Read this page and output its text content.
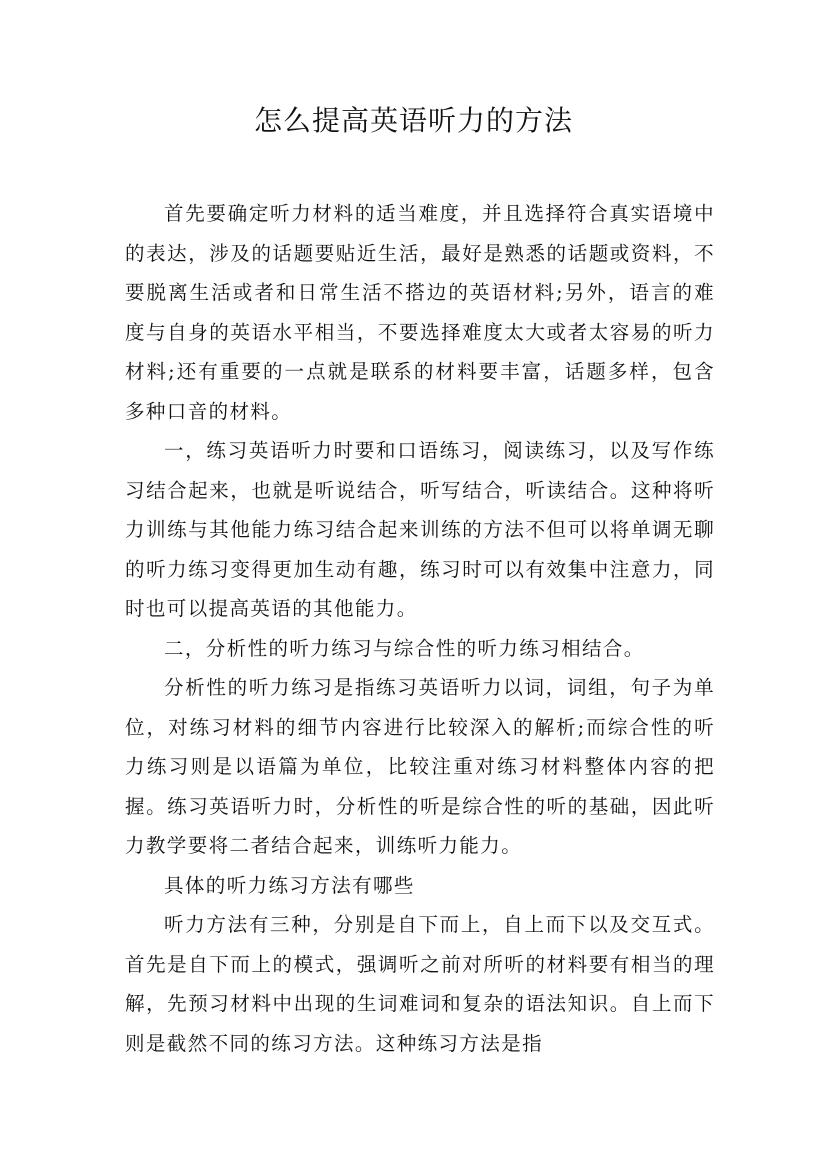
怎么提高英语听力的方法

首先要确定听力材料的适当难度，并且选择符合真实语境中的表达，涉及的话题要贴近生活，最好是熟悉的话题或资料，不要脱离生活或者和日常生活不搭边的英语材料;另外，语言的难度与自身的英语水平相当，不要选择难度太大或者太容易的听力材料;还有重要的一点就是联系的材料要丰富，话题多样，包含多种口音的材料。

一，练习英语听力时要和口语练习，阅读练习，以及写作练习结合起来，也就是听说结合，听写结合，听读结合。这种将听力训练与其他能力练习结合起来训练的方法不但可以将单调无聊的听力练习变得更加生动有趣，练习时可以有效集中注意力，同时也可以提高英语的其他能力。

二，分析性的听力练习与综合性的听力练习相结合。

分析性的听力练习是指练习英语听力以词，词组，句子为单位，对练习材料的细节内容进行比较深入的解析;而综合性的听力练习则是以语篇为单位，比较注重对练习材料整体内容的把握。练习英语听力时，分析性的听是综合性的听的基础，因此听力教学要将二者结合起来，训练听力能力。

具体的听力练习方法有哪些

听力方法有三种，分别是自下而上，自上而下以及交互式。首先是自下而上的模式，强调听之前对所听的材料要有相当的理解，先预习材料中出现的生词难词和复杂的语法知识。自上而下则是截然不同的练习方法。这种练习方法是指
